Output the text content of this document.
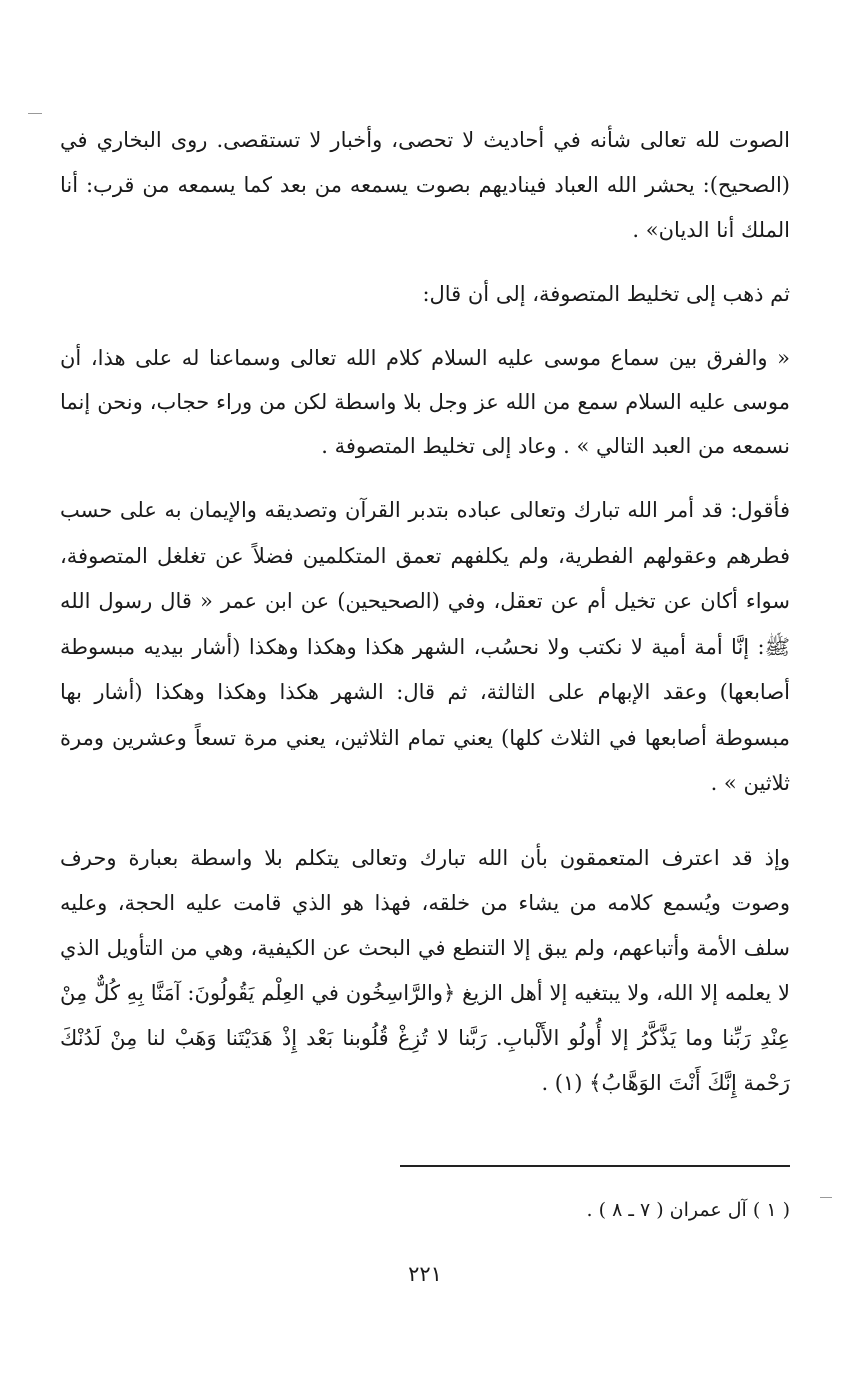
الصوت لله تعالى شأنه في أحاديث لا تحصى، وأخبار لا تستقصى. روى البخاري في (الصحيح): يحشر الله العباد فيناديهم بصوت يسمعه من بعد كما يسمعه من قرب: أنا الملك أنا الديان» .

ثم ذهب إلى تخليط المتصوفة، إلى أن قال:

« والفرق بين سماع موسى عليه السلام كلام الله تعالى وسماعنا له على هذا، أن موسى عليه السلام سمع من الله عز وجل بلا واسطة لكن من وراء حجاب، ونحن إنما نسمعه من العبد التالي » . وعاد إلى تخليط المتصوفة .

فأقول: قد أمر الله تبارك وتعالى عباده بتدبر القرآن وتصديقه والإيمان به على حسب فطرهم وعقولهم الفطرية، ولم يكلفهم تعمق المتكلمين فضلاً عن تغلغل المتصوفة، سواء أكان عن تخيل أم عن تعقل، وفي (الصحيحين) عن ابن عمر « قال رسول الله ﷺ: إنَّا أمة أمية لا نكتب ولا نحسُب، الشهر هكذا وهكذا وهكذا (أشار بيديه مبسوطة أصابعها) وعقد الإبهام على الثالثة، ثم قال: الشهر هكذا وهكذا وهكذا (أشار بها مبسوطة أصابعها في الثلاث كلها) يعني تمام الثلاثين، يعني مرة تسعاً وعشرين ومرة ثلاثين » .

وإذ قد اعترف المتعمقون بأن الله تبارك وتعالى يتكلم بلا واسطة بعبارة وحرف وصوت ويُسمع كلامه من يشاء من خلقه، فهذا هو الذي قامت عليه الحجة، وعليه سلف الأمة وأتباعهم، ولم يبق إلا التنطع في البحث عن الكيفية، وهي من التأويل الذي لا يعلمه إلا الله، ولا يبتغيه إلا أهل الزيغ ﴿والرَّاسِخُون في العِلْم يَقُولُونَ: آمَنَّا بِهِ كُلٌّ مِنْ عِنْدِ رَبِّنا وما يَذَّكَّرُ إلا أُولُو الأَلْبابِ. رَبَّنا لا تُزِغْ قُلُوبنا بَعْد إِذْ هَدَيْتَنا وَهَبْ لنا مِنْ لَدُنْكَ رَحْمة إِنَّكَ أَنْتَ الوَهَّابُ﴾ (١) .

( ١ ) آل عمران ( ٧ ـ ٨ ) .
٢٢١
